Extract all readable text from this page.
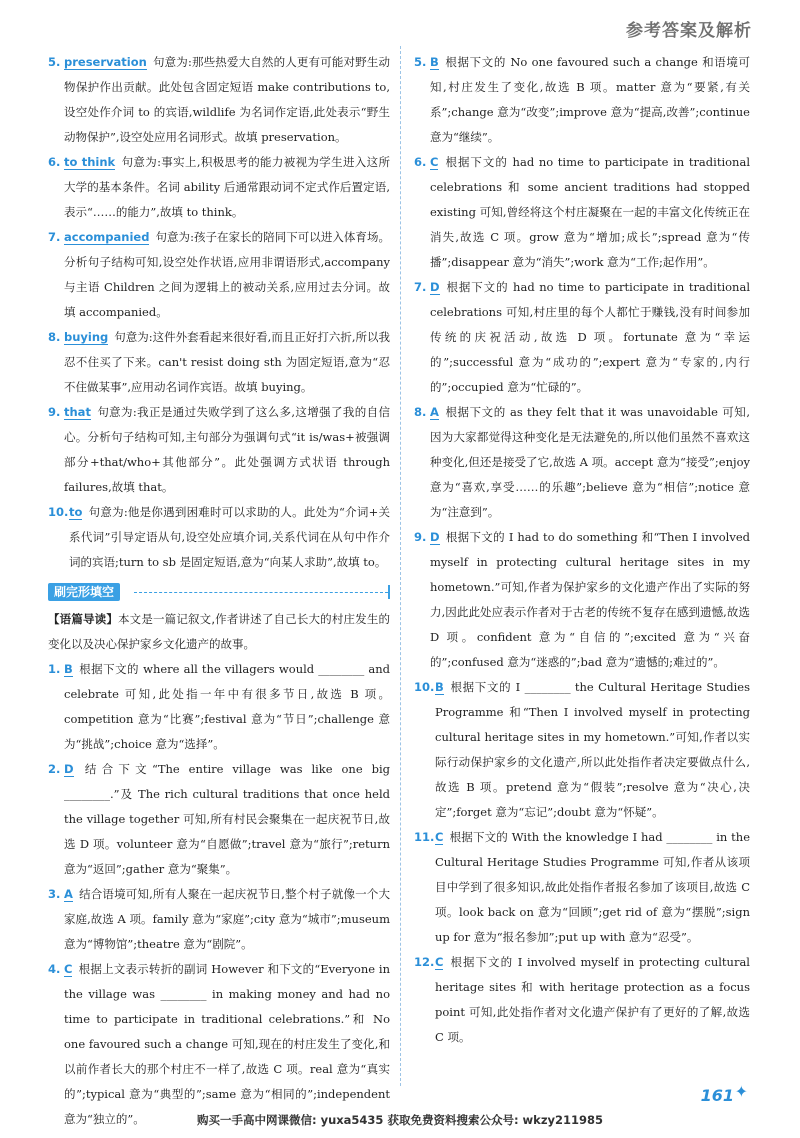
参考答案及解析

5. preservation 句意为:那些热爱大自然的人更有可能对野生动物保护作出贡献。此处包含固定短语 make contributions to,设空处作介词 to 的宾语,wildlife 为名词作定语,此处表示“野生动物保护”,设空处应用名词形式。故填 preservation。

6. to think 句意为:事实上,积极思考的能力被视为学生进入这所大学的基本条件。名词 ability 后通常跟动词不定式作后置定语,表示“……的能力”,故填 to think。

7. accompanied 句意为:孩子在家长的陪同下可以进入体育场。分析句子结构可知,设空处作状语,应用非谓语形式,accompany 与主语 Children 之间为逻辑上的被动关系,应用过去分词。故填 accompanied。

8. buying 句意为:这件外套看起来很好看,而且正好打六折,所以我忍不住买了下来。can't resist doing sth 为固定短语,意为“忍不住做某事”,应用动名词作宾语。故填 buying。

9. that 句意为:我正是通过失败学到了这么多,这增强了我的自信心。分析句子结构可知,主句部分为强调句式“it is/was+被强调部分+that/who+其他部分”。此处强调方式状语 through failures,故填 that。

10. to 句意为:他是你遇到困难时可以求助的人。此处为“介词+关系代词”引导定语从句,设空处应填介词,关系代词在从句中作介词的宾语;turn to sb 是固定短语,意为“向某人求助”,故填 to。

刷完形填空

【语篇导读】本文是一篇记叙文,作者讲述了自己长大的村庄发生的变化以及决心保护家乡文化遗产的故事。

1. B 根据下文的 where all the villagers would ________ and celebrate 可知,此处指一年中有很多节日,故选 B 项。competition 意为“比赛”;festival 意为“节日”;challenge 意为“挑战”;choice 意为“选择”。

2. D 结合下文“The entire village was like one big ________.”及 The rich cultural traditions that once held the village together 可知,所有村民会聚集在一起庆祝节日,故选 D 项。volunteer 意为“自愿做”;travel 意为“旅行”;return 意为“返回”;gather 意为“聚集”。

3. A 结合语境可知,所有人聚在一起庆祝节日,整个村子就像一个大家庭,故选 A 项。family 意为“家庭”;city 意为“城市”;museum 意为“博物馆”;theatre 意为“剧院”。

4. C 根据上文表示转折的副词 However 和下文的“Everyone in the village was ________ in making money and had no time to participate in traditional celebrations.”和 No one favoured such a change 可知,现在的村庄发生了变化,和以前作者长大的那个村庄不一样了,故选 C 项。real 意为“真实的”;typical 意为“典型的”;same 意为“相同的”;independent 意为“独立的”。

5. B 根据下文的 No one favoured such a change 和语境可知,村庄发生了变化,故选 B 项。matter 意为“要紧,有关系”;change 意为“改变”;improve 意为“提高,改善”;continue 意为“继续”。

6. C 根据下文的 had no time to participate in traditional celebrations 和 some ancient traditions had stopped existing 可知,曾经将这个村庄凝聚在一起的丰富文化传统正在消失,故选 C 项。grow 意为“增加;成长”;spread 意为“传播”;disappear 意为“消失”;work 意为“工作;起作用”。

7. D 根据下文的 had no time to participate in traditional celebrations 可知,村庄里的每个人都忙于赚钱,没有时间参加传统的庆祝活动,故选 D 项。fortunate 意为“幸运的”;successful 意为“成功的”;expert 意为“专家的,内行的”;occupied 意为“忙碌的”。

8. A 根据下文的 as they felt that it was unavoidable 可知,因为大家都觉得这种变化是无法避免的,所以他们虽然不喜欢这种变化,但还是接受了它,故选 A 项。accept 意为“接受”;enjoy 意为“喜欢,享受……的乐趣”;believe 意为“相信”;notice 意为“注意到”。

9. D 根据下文的 I had to do something 和“Then I involved myself in protecting cultural heritage sites in my hometown.”可知,作者为保护家乡的文化遗产作出了实际的努力,因此此处应表示作者对于古老的传统不复存在感到遗憾,故选 D 项。confident 意为“自信的”;excited 意为“兴奋的”;confused 意为“迷惑的”;bad 意为“遗憾的;难过的”。

10. B 根据下文的 I ________ the Cultural Heritage Studies Programme 和“Then I involved myself in protecting cultural heritage sites in my hometown.”可知,作者以实际行动保护家乡的文化遗产,所以此处指作者决定要做点什么,故选 B 项。pretend 意为“假装”;resolve 意为“决心,决定”;forget 意为“忘记”;doubt 意为“怀疑”。

11. C 根据下文的 With the knowledge I had ________ in the Cultural Heritage Studies Programme 可知,作者从该项目中学到了很多知识,故此处指作者报名参加了该项目,故选 C 项。look back on 意为“回顾”;get rid of 意为“摆脱”;sign up for 意为“报名参加”;put up with 意为“忍受”。

12. C 根据下文的 I involved myself in protecting cultural heritage sites 和 with heritage protection as a focus point 可知,此处指作者对文化遗产保护有了更好的了解,故选 C 项。

161 ✦
购买一手高中网课微信: yuxa5435 获取免费资料搜索公众号: wkzy211985
